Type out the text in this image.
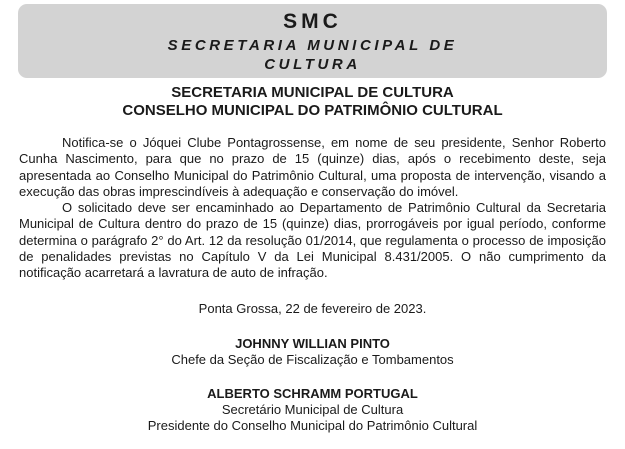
SMC
SECRETARIA MUNICIPAL DE CULTURA
SECRETARIA MUNICIPAL DE CULTURA
CONSELHO MUNICIPAL DO PATRIMÔNIO CULTURAL

Notifica-se o Jóquei Clube Pontagrossense, em nome de seu presidente, Senhor Roberto Cunha Nascimento, para que no prazo de 15 (quinze) dias, após o recebimento deste, seja apresentada ao Conselho Municipal do Patrimônio Cultural, uma proposta de intervenção, visando a execução das obras imprescindíveis à adequação e conservação do imóvel.

O solicitado deve ser encaminhado ao Departamento de Patrimônio Cultural da Secretaria Municipal de Cultura dentro do prazo de 15 (quinze) dias, prorrogáveis por igual período, conforme determina o parágrafo 2° do Art. 12 da resolução 01/2014, que regulamenta o processo de imposição de penalidades previstas no Capítulo V da Lei Municipal 8.431/2005. O não cumprimento da notificação acarretará a lavratura de auto de infração.

Ponta Grossa, 22 de fevereiro de 2023.
JOHNNY WILLIAN PINTO
Chefe da Seção de Fiscalização e Tombamentos
ALBERTO SCHRAMM PORTUGAL
Secretário Municipal de Cultura
Presidente do Conselho Municipal do Patrimônio Cultural
